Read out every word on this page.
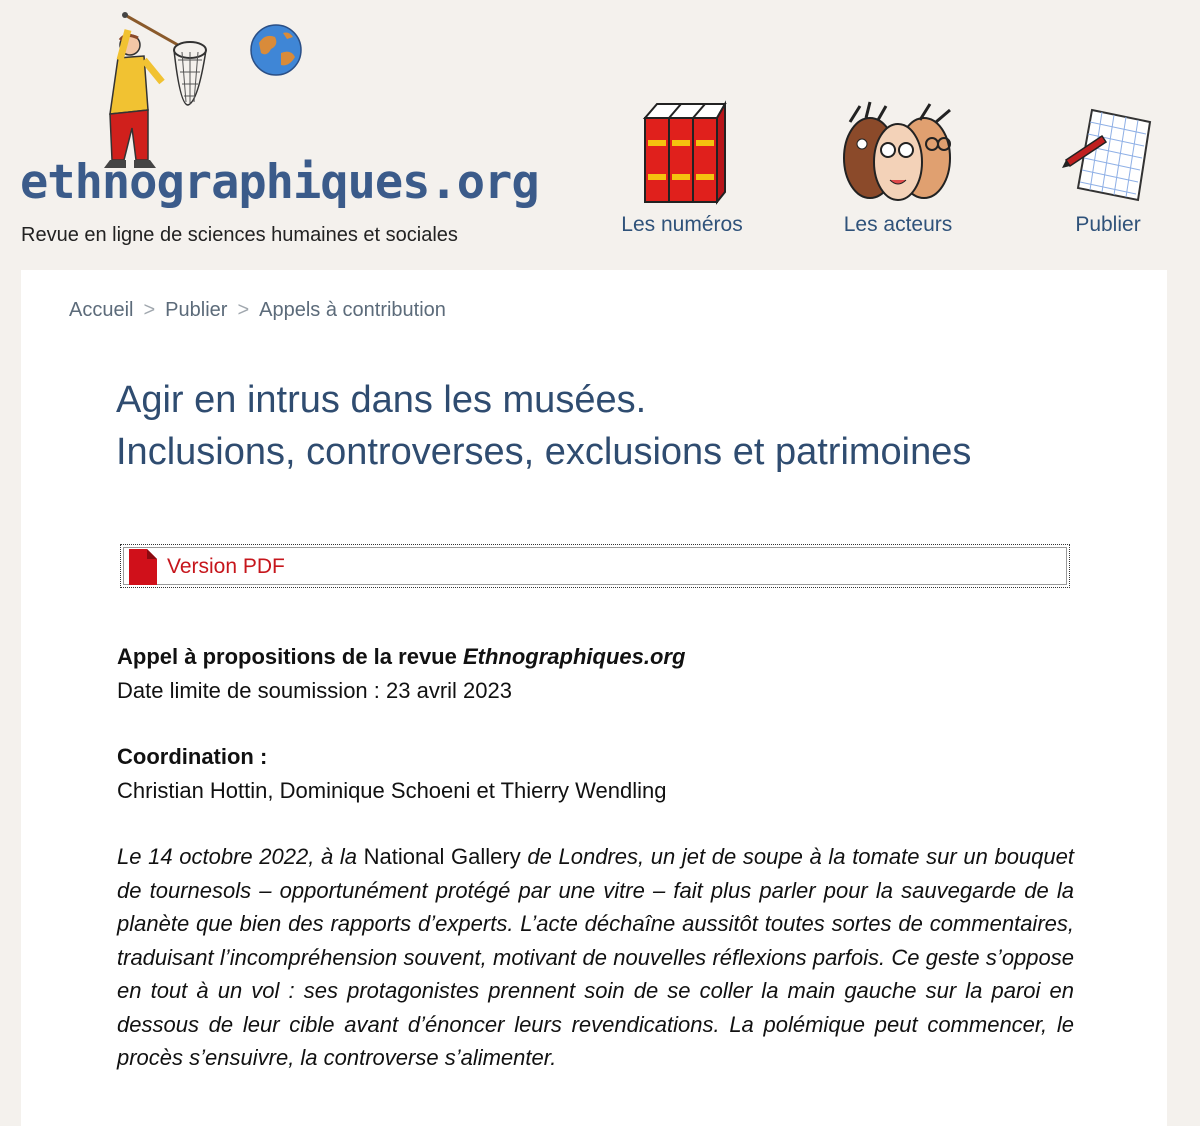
ethnographiques.org
Revue en ligne de sciences humaines et sociales	Les numéros	Les acteurs	Publier
Accueil > Publier > Appels à contribution
Agir en intrus dans les musées.
Inclusions, controverses, exclusions et patrimoines
Version PDF
Appel à propositions de la revue Ethnographiques.org
Date limite de soumission : 23 avril 2023
Coordination :
Christian Hottin, Dominique Schoeni et Thierry Wendling

Le 14 octobre 2022, à la National Gallery de Londres, un jet de soupe à la tomate sur un bouquet de tournesols – opportunément protégé par une vitre – fait plus parler pour la sauvegarde de la planète que bien des rapports d’experts. L’acte déchaîne aussitôt toutes sortes de commentaires, traduisant l’incompréhension souvent, motivant de nouvelles réflexions parfois. Ce geste s’oppose en tout à un vol : ses protagonistes prennent soin de se coller la main gauche sur la paroi en dessous de leur cible avant d’énoncer leurs revendications. La polémique peut commencer, le procès s’ensuivre, la controverse s’alimenter.
